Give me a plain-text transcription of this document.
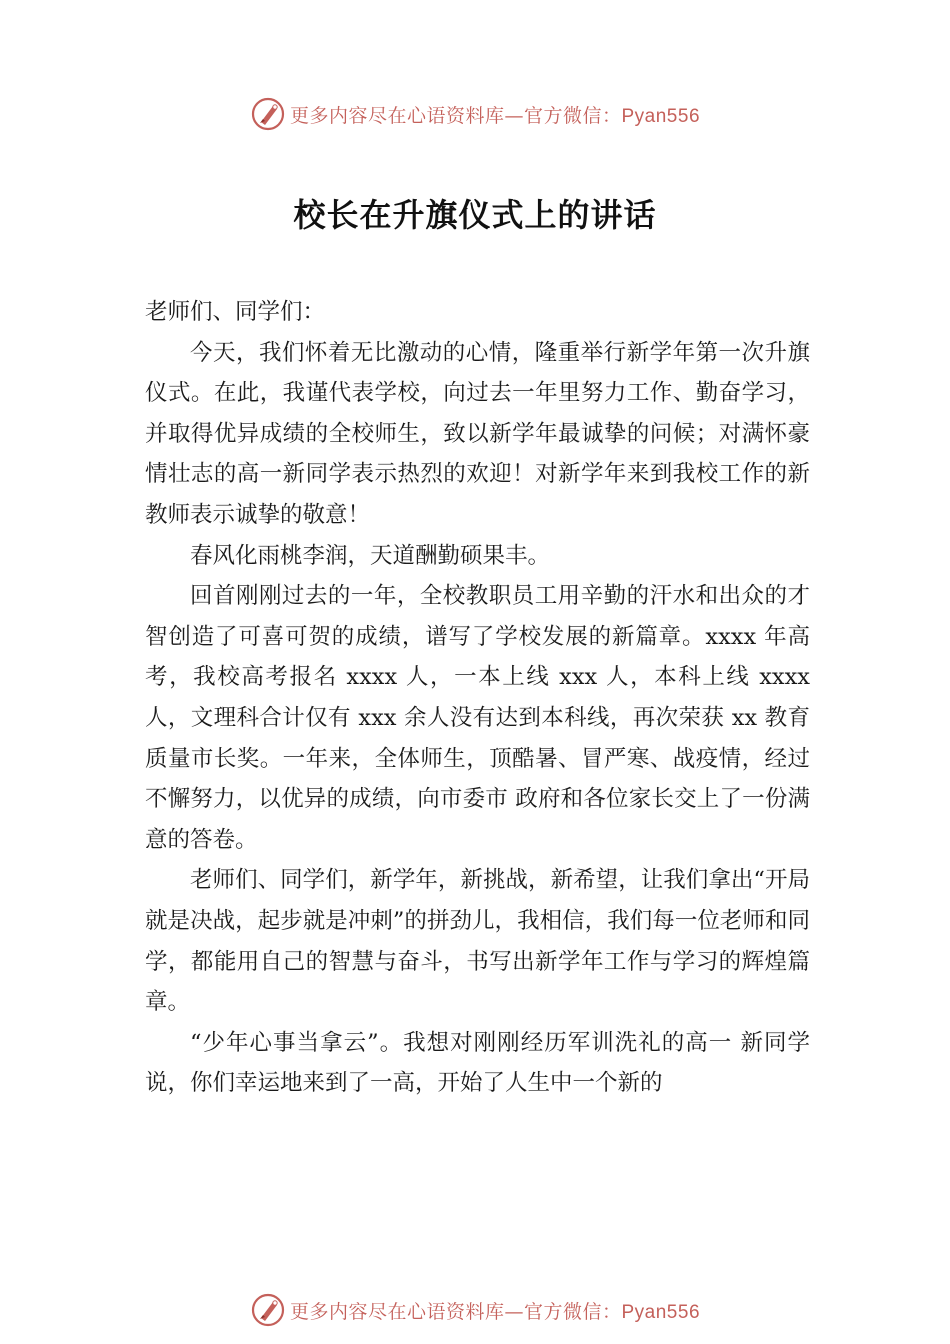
更多内容尽在心语资料库—官方微信：Pyan556
校长在升旗仪式上的讲话

老师们、同学们：

今天，我们怀着无比激动的心情，隆重举行新学年第一次升旗仪式。在此，我谨代表学校，向过去一年里努力工作、勤奋学习，并取得优异成绩的全校师生，致以新学年最诚挚的问候；对满怀豪情壮志的高一新同学表示热烈的欢迎！对新学年来到我校工作的新教师表示诚挚的敬意！

春风化雨桃李润，天道酬勤硕果丰。

回首刚刚过去的一年，全校教职员工用辛勤的汗水和出众的才智创造了可喜可贺的成绩，谱写了学校发展的新篇章。xxxx 年高考，我校高考报名 xxxx 人，一本上线 xxx 人，本科上线 xxxx 人，文理科合计仅有 xxx 余人没有达到本科线，再次荣获 xx 教育质量市长奖。一年来，全体师生，顶酷暑、冒严寒、战疫情，经过不懈努力，以优异的成绩，向市委市 政府和各位家长交上了一份满意的答卷。

老师们、同学们，新学年，新挑战，新希望，让我们拿出“开局就是决战，起步就是冲刺”的拼劲儿，我相信，我们每一位老师和同学，都能用自己的智慧与奋斗，书写出新学年工作与学习的辉煌篇章。

“少年心事当拿云”。我想对刚刚经历军训洗礼的高一 新同学说，你们幸运地来到了一高，开始了人生中一个新的

更多内容尽在心语资料库—官方微信：Pyan556
